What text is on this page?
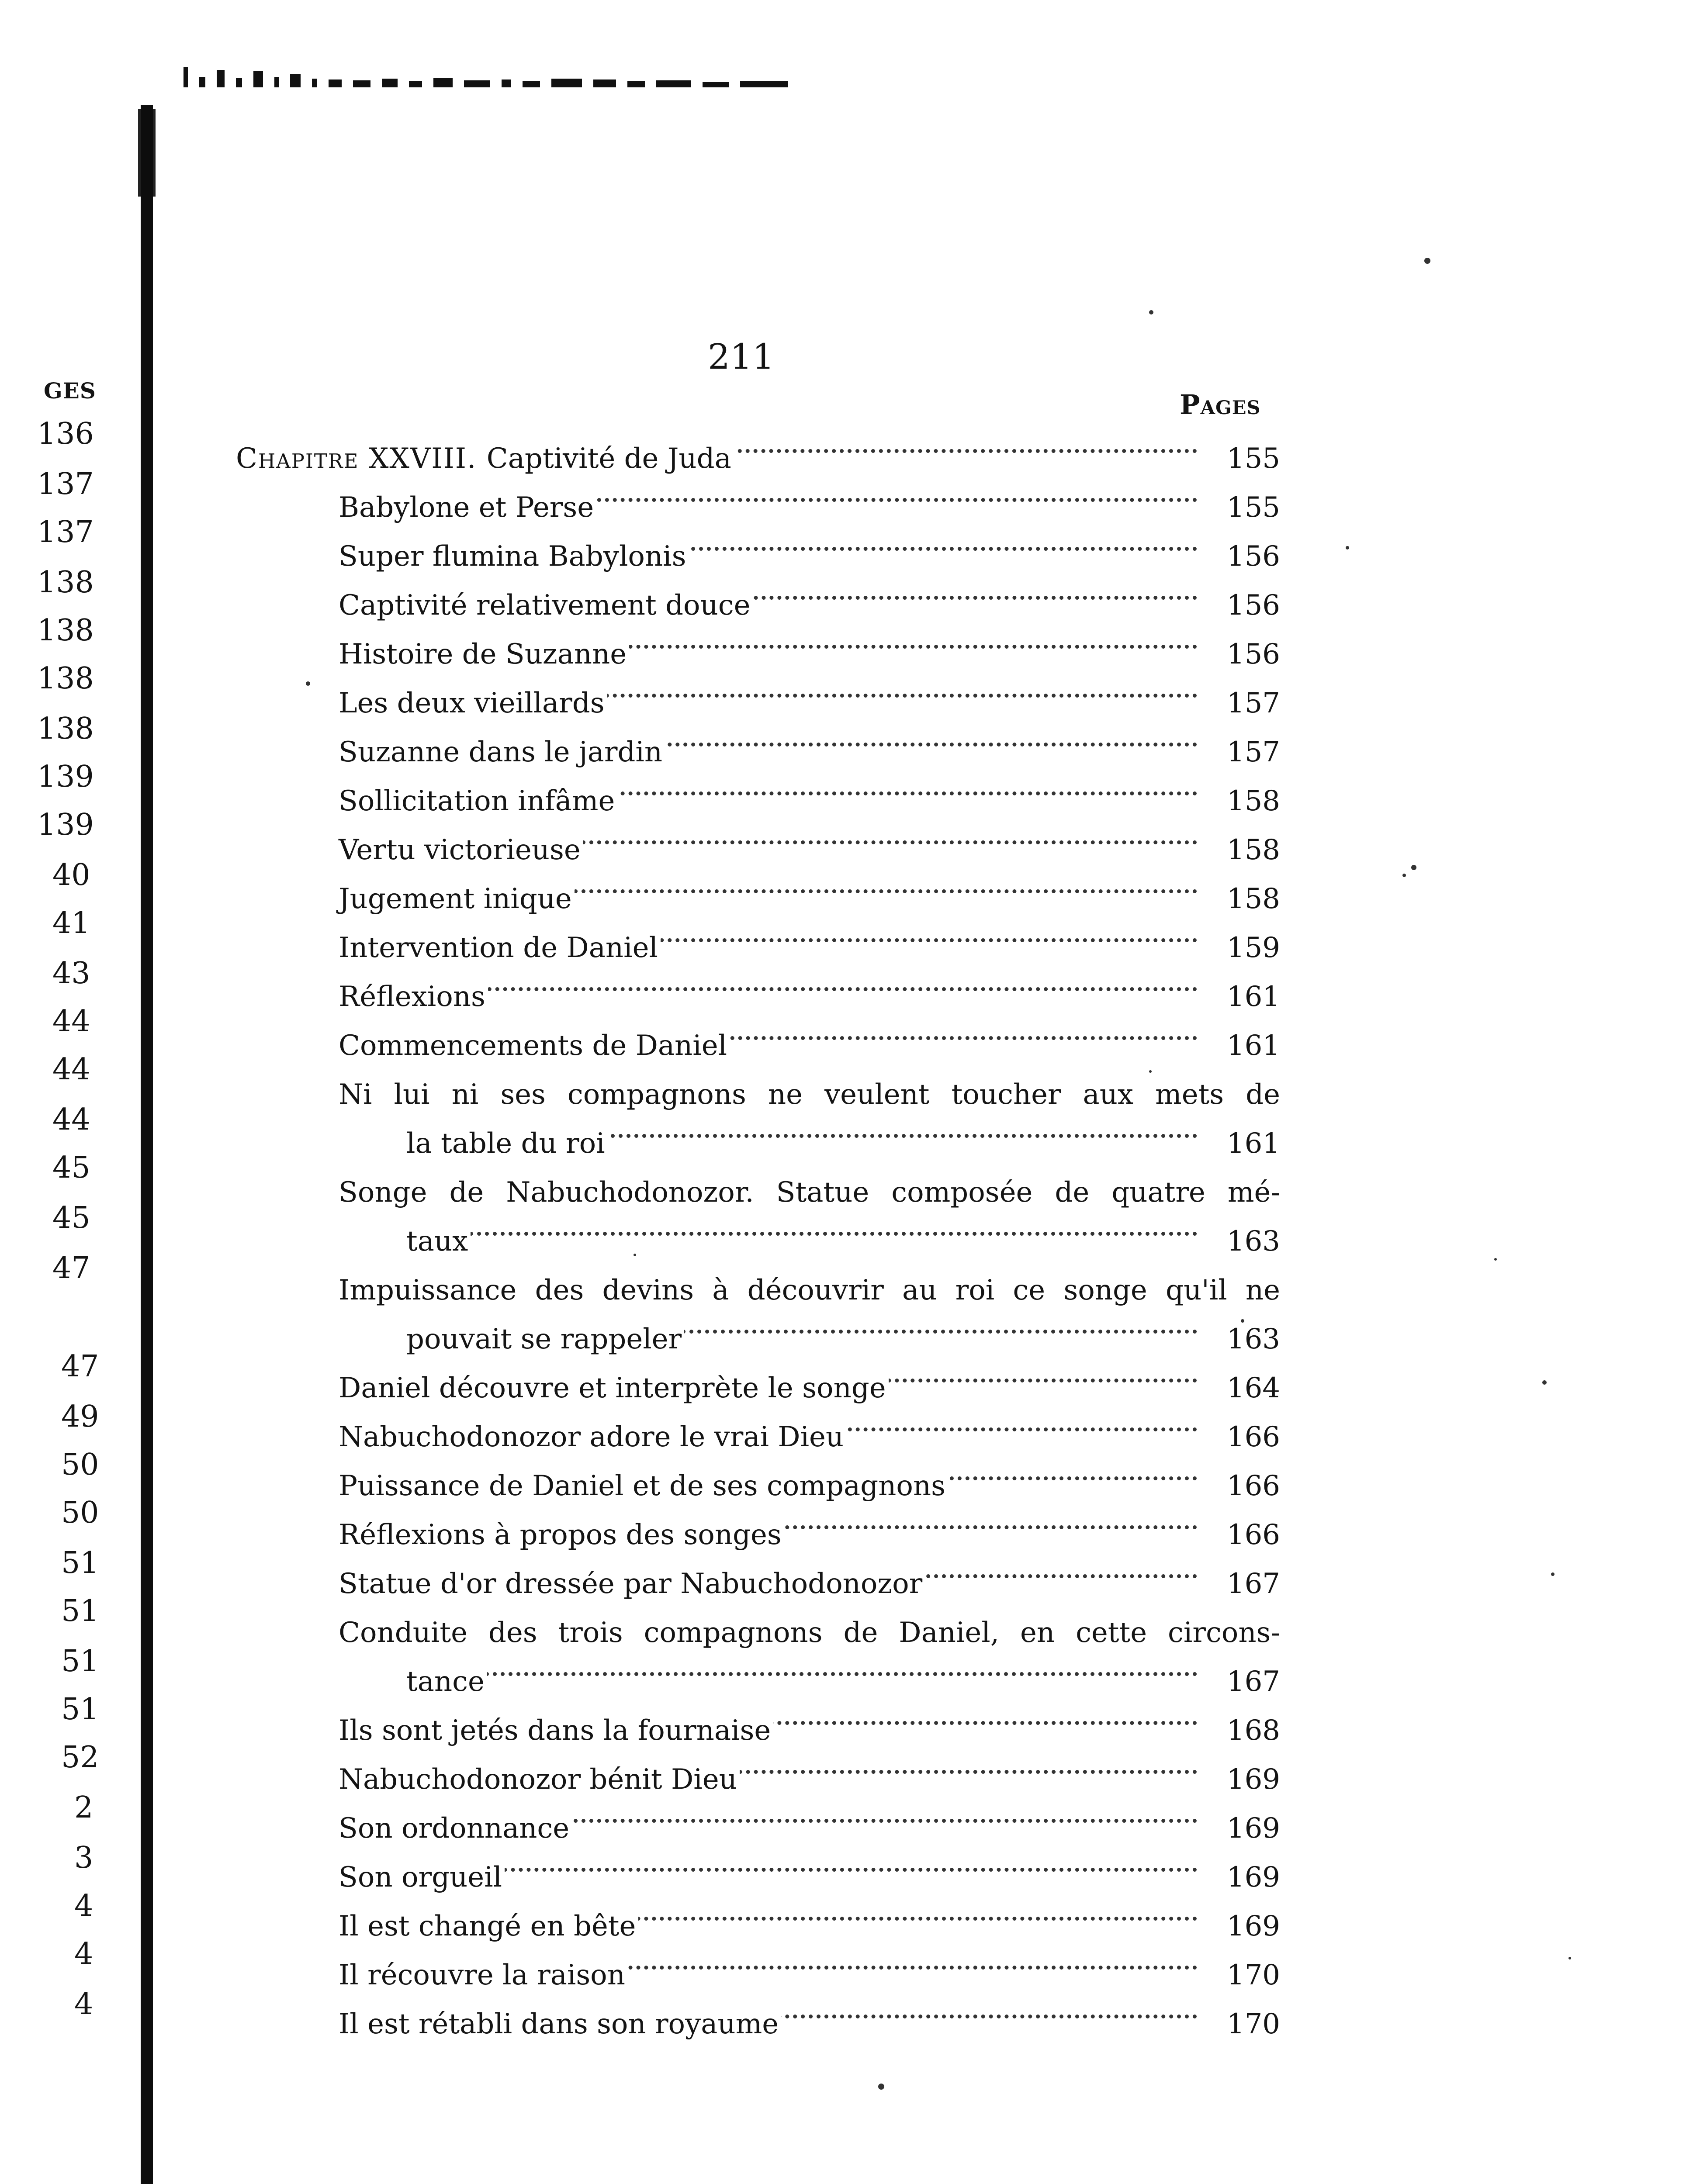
GES
136
137
137
138
138
138
138
139
139
40
41
43
44
44
44
45
45
47
47
49
50
50
51
51
51
51
52
2
3
4
4
4
211
Pages
Chapitre XXVIII. Captivité de Juda	155
Babylone et Perse	155
Super flumina Babylonis	156
Captivité relativement douce	156
Histoire de Suzanne	156
Les deux vieillards	157
Suzanne dans le jardin	157
Sollicitation infâme	158
Vertu victorieuse	158
Jugement inique	158
Intervention de Daniel	159
Réflexions	161
Commencements de Daniel	161
Ni lui ni ses compagnons ne veulent toucher aux mets de
la table du roi	161
Songe de Nabuchodonozor. Statue composée de quatre mé-
taux	163
Impuissance des devins à découvrir au roi ce songe qu'il ne
pouvait se rappeler	163
Daniel découvre et interprète le songe	164
Nabuchodonozor adore le vrai Dieu	166
Puissance de Daniel et de ses compagnons	166
Réflexions à propos des songes	166
Statue d'or dressée par Nabuchodonozor	167
Conduite des trois compagnons de Daniel, en cette circons-
tance	167
Ils sont jetés dans la fournaise	168
Nabuchodonozor bénit Dieu	169
Son ordonnance	169
Son orgueil	169
Il est changé en bête	169
Il récouvre la raison	170
Il est rétabli dans son royaume	170
